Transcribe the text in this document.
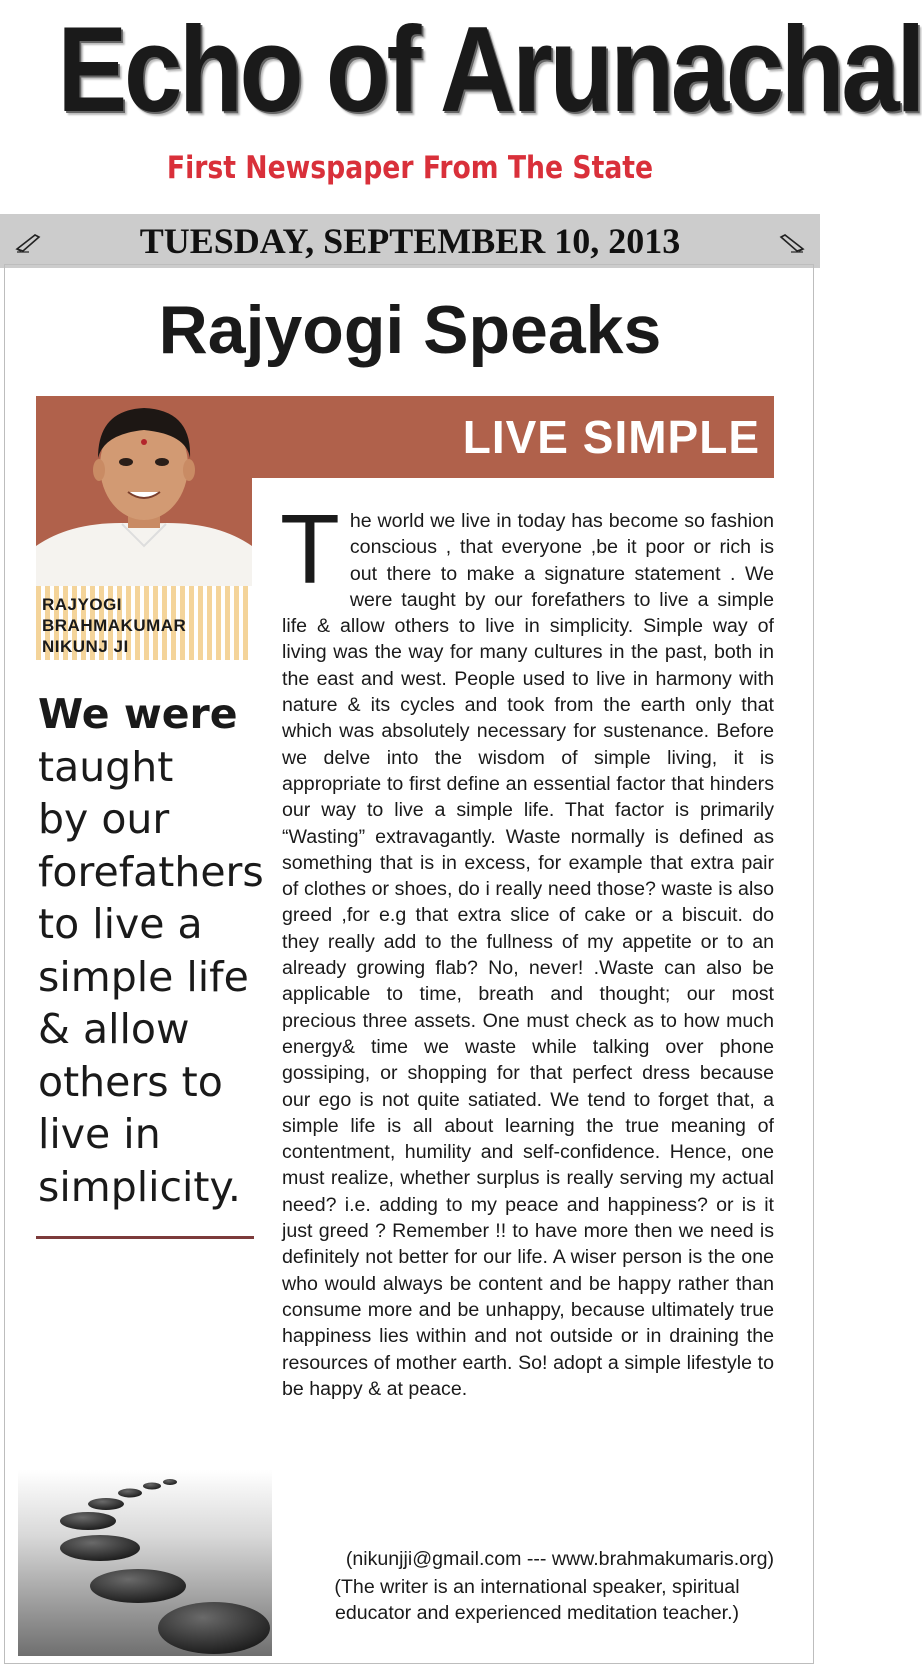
Echo of Arunachal
First Newspaper From The State
TUESDAY, SEPTEMBER 10, 2013
Rajyogi Speaks
LIVE SIMPLE
RAJYOGI
BRAHMAKUMAR
NIKUNJ JI
We were
taught
by our
forefathers
to live a
simple life
& allow
others to
live in
simplicity.
The world we live in today has become so fashion conscious , that everyone ,be it poor or rich is out there to make a signature statement . We were taught by our forefathers to live a simple life & allow others to live in simplicity. Simple way of living was the way for many cultures in the past, both in the east and west. People used to live in harmony with nature & its cycles and took from the earth only that which was absolutely necessary for sustenance. Before we delve into the wisdom of simple living, it is appropriate to first define an essential factor that hinders our way to live a simple life. That factor is primarily “Wasting” extravagantly. Waste normally is defined as something that is in excess, for example that extra pair of clothes or shoes, do i really need those? waste is also greed ,for e.g that extra slice of cake or a biscuit. do they really add to the fullness of my appetite or to an already growing flab? No, never! .Waste can also be applicable to time, breath and thought; our most precious three assets. One must check as to how much energy& time we waste while talking over phone gossiping, or shopping for that perfect dress because our ego is not quite satiated. We tend to forget that, a simple life is all about learning the true meaning of contentment, humility and self-confidence. Hence, one must realize, whether surplus is really serving my actual need? i.e. adding to my peace and happiness? or is it just greed ? Remember !! to have more then we need is definitely not better for our life. A wiser person is the one who would always be content and be happy rather than consume more and be unhappy, because ultimately true happiness lies within and not outside or in draining the resources of mother earth. So! adopt a simple lifestyle to be happy & at peace.
(nikunjji@gmail.com --- www.brahmakumaris.org)
(The writer is an international speaker, spiritual educator and experienced meditation teacher.)
